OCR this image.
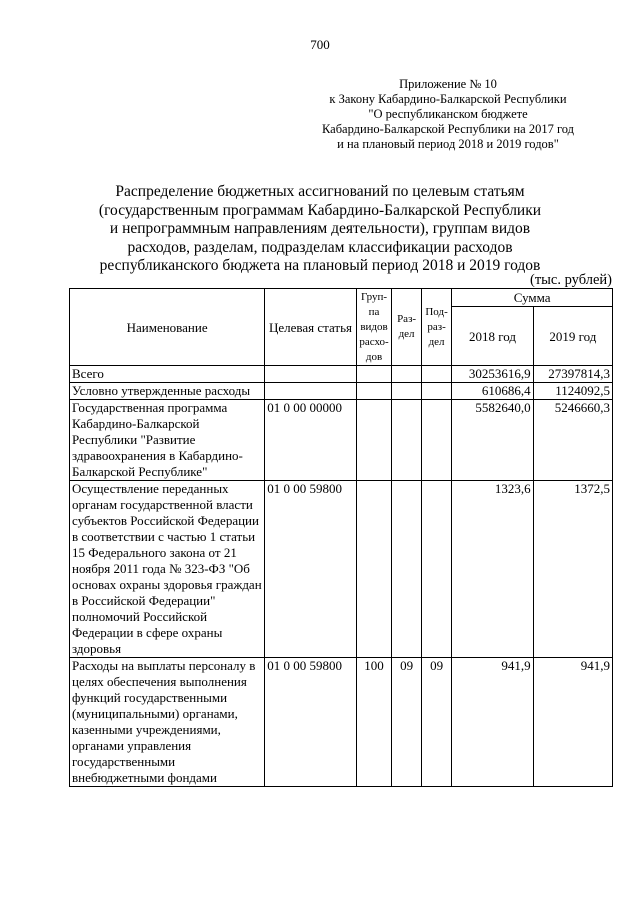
700
Приложение № 10
к Закону Кабардино-Балкарской Республики
"О республиканском бюджете
Кабардино-Балкарской Республики на 2017 год
и на плановый период 2018 и 2019 годов"
Распределение бюджетных ассигнований по целевым статьям
(государственным программам Кабардино-Балкарской Республики
и непрограммным направлениям деятельности), группам видов
расходов, разделам, подразделам классификации расходов
республиканского бюджета на плановый период 2018 и 2019 годов
(тыс. рублей)
Наименование	Целевая статья	Груп-па видов расхо-дов	Раз-дел	Под-раз-дел	Сумма	
					2018 год	2019 год
Всего					30253616,9	27397814,3
Условно утвержденные расходы					610686,4	1124092,5
Государственная программа Кабардино-Балкарской Республики "Развитие здравоохранения в Кабардино-Балкарской Республике"	01 0 00 00000				5582640,0	5246660,3
Осуществление переданных органам государственной власти субъектов Российской Федерации в соответствии с частью 1 статьи 15 Федерального закона от 21 ноября 2011 года № 323-ФЗ "Об основах охраны здоровья граждан в Российской Федерации" полномочий Российской Федерации в сфере охраны здоровья	01 0 00 59800				1323,6	1372,5
Расходы на выплаты персоналу в целях обеспечения выполнения функций государственными (муниципальными) органами, казенными учреждениями, органами управления государственными внебюджетными фондами	01 0 00 59800	100	09	09	941,9	941,9
